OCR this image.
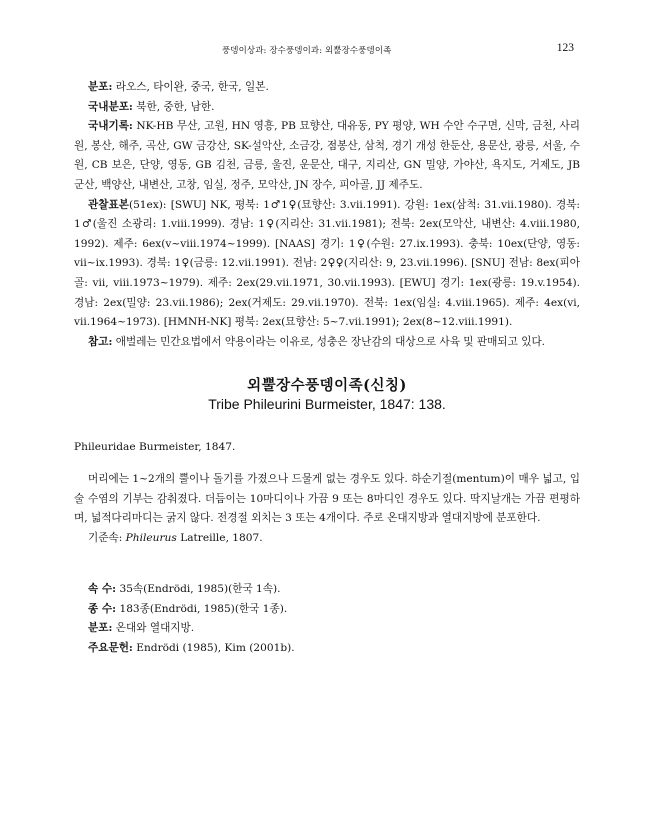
풍뎅이상과: 장수풍뎅이과: 외뿔장수풍뎅이족	123

분포: 라오스, 타이완, 중국, 한국, 일본.

국내분포: 북한, 중한, 남한.

국내기록: NK-HB 무산, 고원, HN 영흥, PB 묘향산, 대유동, PY 평양, WH 수안 수구면, 신막, 금천, 사리원, 봉산, 해주, 곡산, GW 금강산, SK-설악산, 소금강, 점봉산, 삼척, 경기 개성 한둔산, 용문산, 광릉, 서울, 수원, CB 보은, 단양, 영동, GB 김천, 금릉, 울진, 운문산, 대구, 지리산, GN 밀양, 가야산, 욕지도, 거제도, JB 군산, 백양산, 내변산, 고창, 임실, 정주, 모악산, JN 장수, 피아골, JJ 제주도.

관찰표본(51ex): [SWU] NK, 평북: 1♂1♀(묘향산: 3.vii.1991). 강원: 1ex(삼척: 31.vii.1980). 경북: 1♂(울진 소광리: 1.viii.1999). 경남: 1♀(지리산: 31.vii.1981); 전북: 2ex(모악산, 내변산: 4.viii.1980, 1992). 제주: 6ex(v~viii.1974~1999). [NAAS] 경기: 1♀(수원: 27.ix.1993). 충북: 10ex(단양, 영동: vii~ix.1993). 경북: 1♀(금릉: 12.vii.1991). 전남: 2♀♀(지리산: 9, 23.vii.1996). [SNU] 전남: 8ex(피아골: vii, viii.1973~1979). 제주: 2ex(29.vii.1971, 30.vii.1993). [EWU] 경기: 1ex(광릉: 19.v.1954). 경남: 2ex(밀양: 23.vii.1986); 2ex(거제도: 29.vii.1970). 전북: 1ex(임실: 4.viii.1965). 제주: 4ex(vi, vii.1964~1973). [HMNH-NK] 평북: 2ex(묘향산: 5~7.vii.1991); 2ex(8~12.viii.1991).

참고: 애벌레는 민간요법에서 약용이라는 이유로, 성충은 장난감의 대상으로 사육 및 판매되고 있다.

외뿔장수풍뎅이족(신칭)
Tribe Phileurini Burmeister, 1847: 138.

Phileuridae Burmeister, 1847.

머리에는 1~2개의 뿔이나 돌기를 가졌으나 드물게 없는 경우도 있다. 하순기절(mentum)이 매우 넓고, 입술 수염의 기부는 감춰졌다. 더듬이는 10마디이나 가끔 9 또는 8마디인 경우도 있다. 딱지날개는 가끔 편평하며, 넓적다리마디는 굵지 않다. 전경절 외치는 3 또는 4개이다. 주로 온대지방과 열대지방에 분포한다.

기준속: Phileurus Latreille, 1807.

속 수: 35속(Endrödi, 1985)(한국 1속).

종 수: 183종(Endrödi, 1985)(한국 1종).

분포: 온대와 열대지방.

주요문헌: Endrödi (1985), Kim (2001b).
